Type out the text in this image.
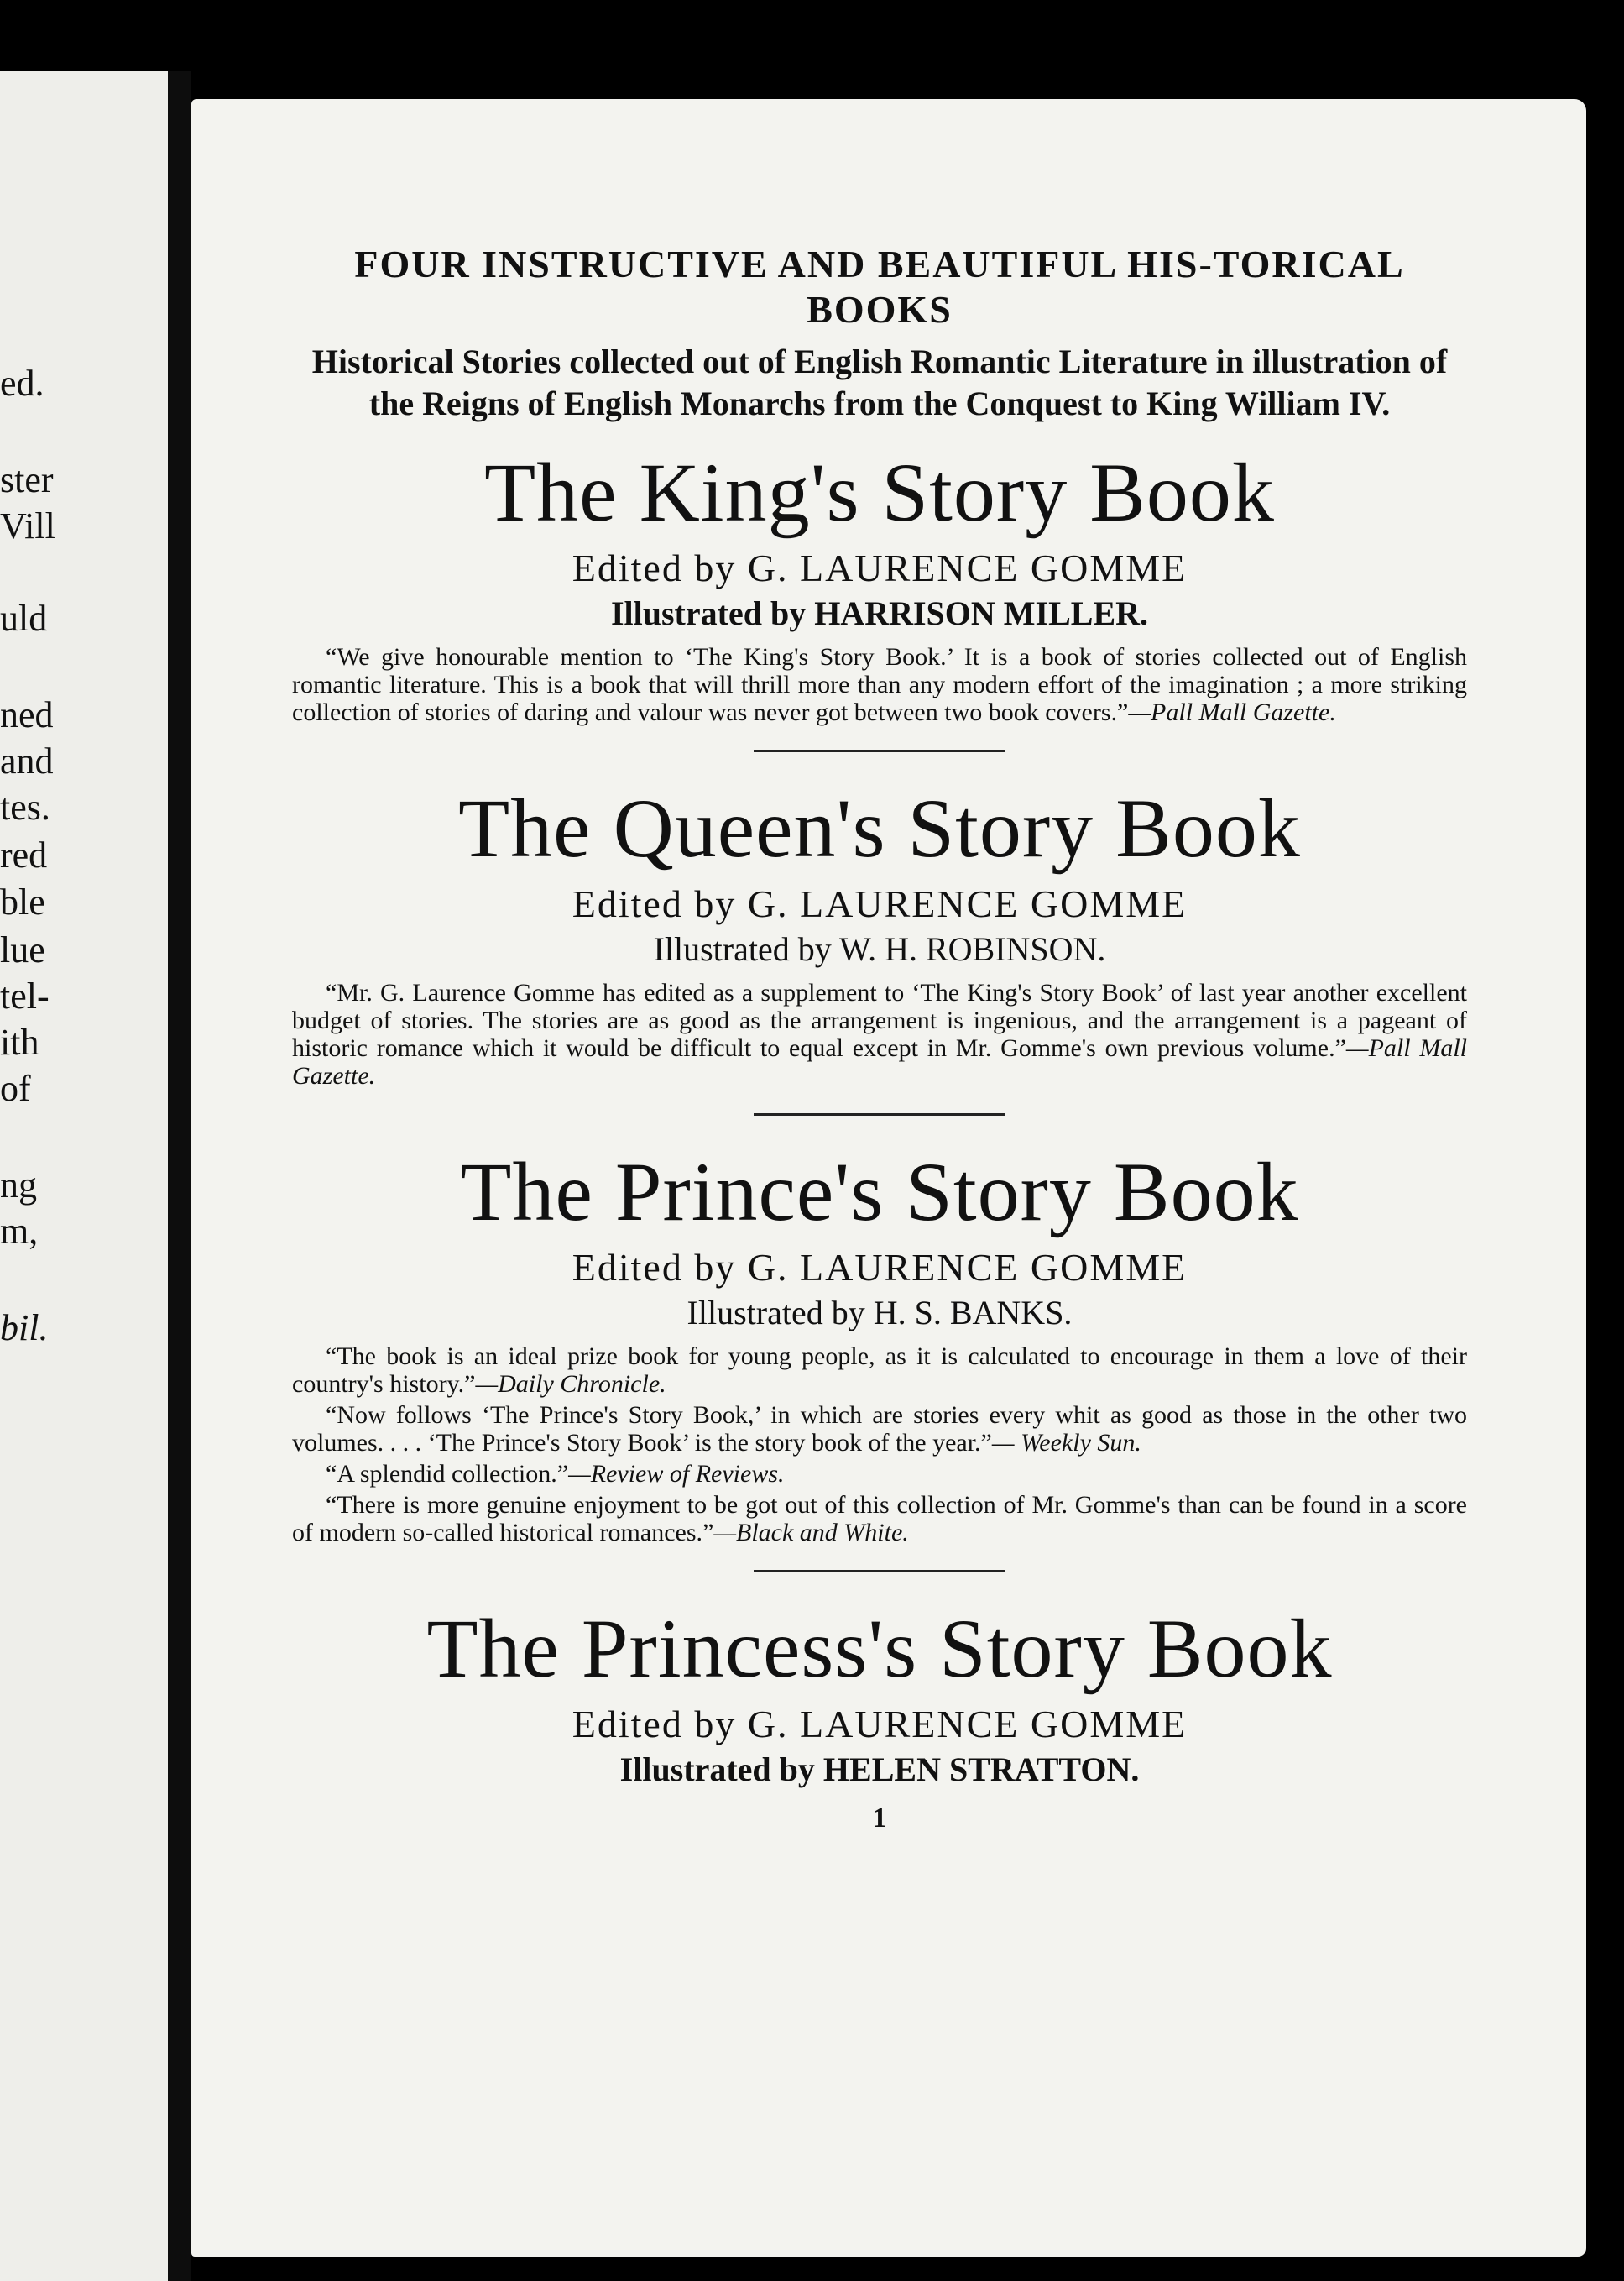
ed.
ster
Vill
uld
ned
and
tes.
red
ble
lue
tel-
ith
of
ng
m,
bil.
FOUR INSTRUCTIVE AND BEAUTIFUL HIS-TORICAL BOOKS

Historical Stories collected out of English Romantic Literature in illustration of the Reigns of English Monarchs from the Conquest to King William IV.

The King's Story Book

Edited by G. LAURENCE GOMME

Illustrated by HARRISON MILLER.

“We give honourable mention to ‘The King's Story Book.’ It is a book of stories collected out of English romantic literature. This is a book that will thrill more than any modern effort of the imagination ; a more striking collection of stories of daring and valour was never got between two book covers.”—Pall Mall Gazette.

The Queen's Story Book

Edited by G. LAURENCE GOMME

Illustrated by W. H. ROBINSON.

“Mr. G. Laurence Gomme has edited as a supplement to ‘The King's Story Book’ of last year another excellent budget of stories. The stories are as good as the arrangement is ingenious, and the arrangement is a pageant of historic romance which it would be difficult to equal except in Mr. Gomme's own previous volume.”—Pall Mall Gazette.

The Prince's Story Book

Edited by G. LAURENCE GOMME

Illustrated by H. S. BANKS.

“The book is an ideal prize book for young people, as it is calculated to encourage in them a love of their country's history.”—Daily Chronicle.

“Now follows ‘The Prince's Story Book,’ in which are stories every whit as good as those in the other two volumes. . . . ‘The Prince's Story Book’ is the story book of the year.”— Weekly Sun.

“A splendid collection.”—Review of Reviews.

“There is more genuine enjoyment to be got out of this collection of Mr. Gomme's than can be found in a score of modern so-called historical romances.”—Black and White.

The Princess's Story Book

Edited by G. LAURENCE GOMME

Illustrated by HELEN STRATTON.

1
